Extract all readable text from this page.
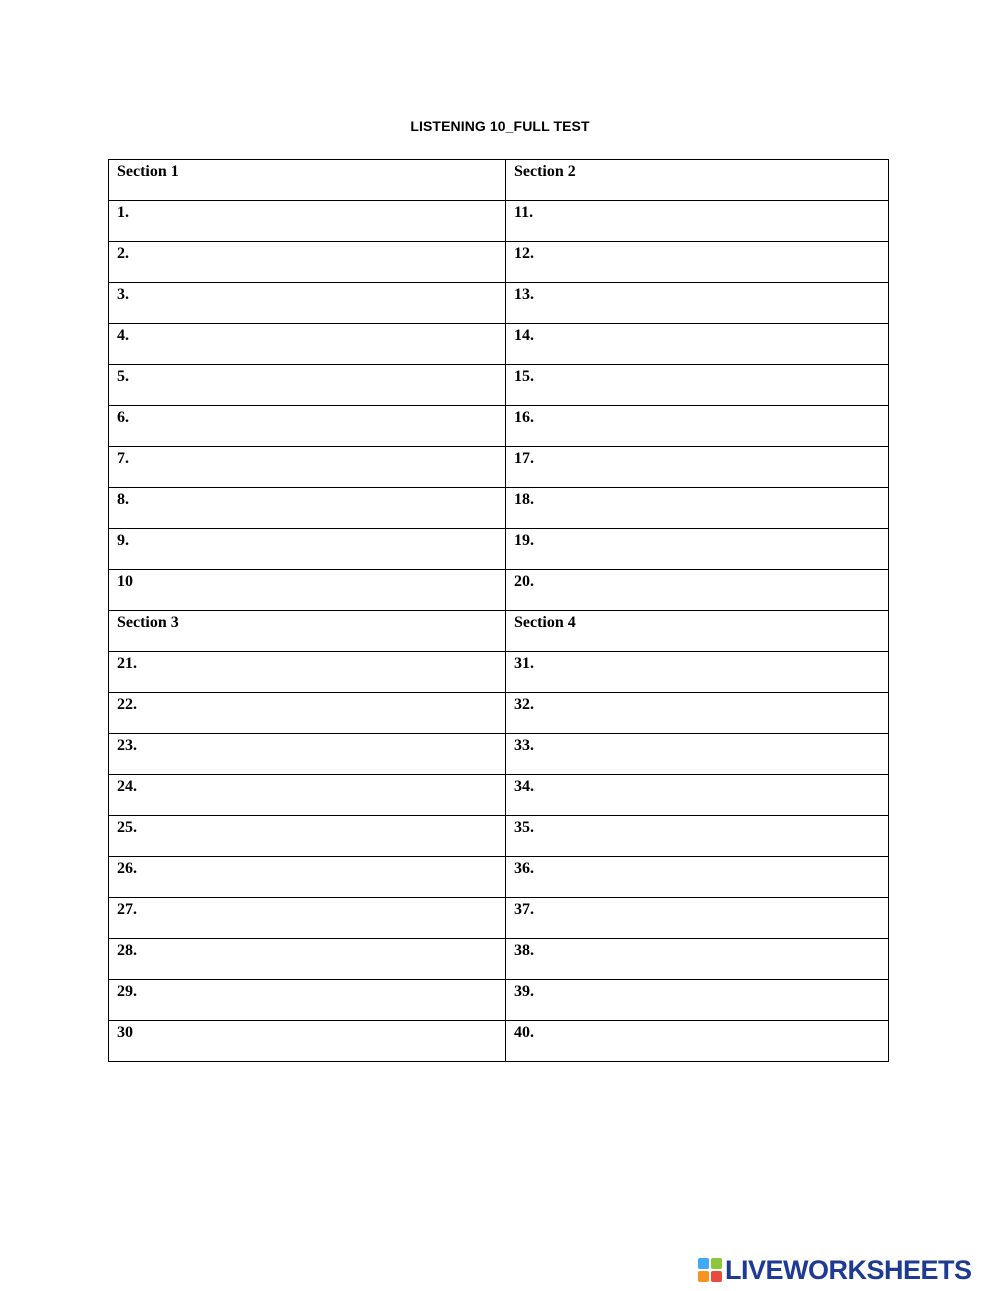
LISTENING 10_FULL TEST
Section 1	Section 2

1.	11.

2.	12.

3.	13.

4.	14.

5.	15.

6.	16.

7.	17.

8.	18.

9.	19.

10	20.

Section 3	Section 4

21.	31.

22.	32.

23.	33.

24.	34.

25.	35.

26.	36.

27.	37.

28.	38.

29.	39.

30	40.
LIVEWORKSHEETS
